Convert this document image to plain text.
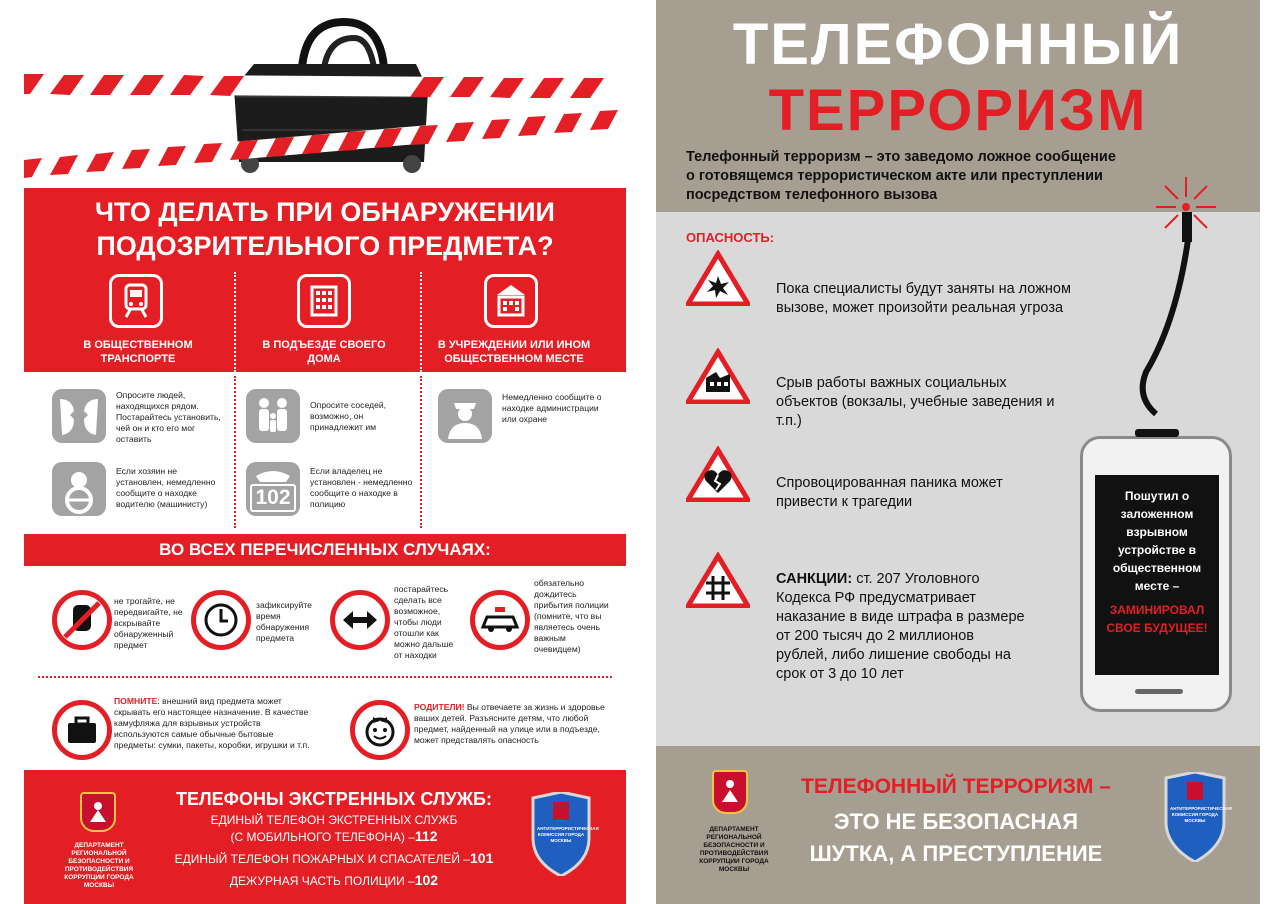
ЧТО ДЕЛАТЬ ПРИ ОБНАРУЖЕНИИ
ПОДОЗРИТЕЛЬНОГО ПРЕДМЕТА?
В ОБЩЕСТВЕННОМ ТРАНСПОРТЕ
В ПОДЪЕЗДЕ СВОЕГО ДОМА
В УЧРЕЖДЕНИИ ИЛИ ИНОМ ОБЩЕСТВЕННОМ МЕСТЕ
Опросите людей, находящихся рядом. Постарайтесь установить, чей он и кто его мог оставить
Если хозяин не установлен, немедленно сообщите о находке водителю (машинисту)
Опросите соседей, возможно, он принадлежит им
102
Если владелец не установлен - немедленно сообщите о находке в полицию
Немедленно сообщите о находке администрации или охране
ВО ВСЕХ ПЕРЕЧИСЛЕННЫХ СЛУЧАЯХ:
не трогайте, не передвигайте, не вскрывайте обнаруженный предмет
зафиксируйте время обнаружения предмета
постарайтесь сделать все возможное, чтобы люди отошли как можно дальше от находки
обязательно дождитесь прибытия полиции (помните, что вы являетесь очень важным очевидцем)
ПОМНИТЕ: внешний вид предмета может скрывать его настоящее назначение. В качестве камуфляжа для взрывных устройств используются самые обычные бытовые предметы: сумки, пакеты, коробки, игрушки и т.п.
РОДИТЕЛИ! Вы отвечаете за жизнь и здоровье ваших детей. Разъясните детям, что любой предмет, найденный на улице или в подъезде, может представлять опасность
ДЕПАРТАМЕНТ РЕГИОНАЛЬНОЙ БЕЗОПАСНОСТИ И ПРОТИВОДЕЙСТВИЯ КОРРУПЦИИ ГОРОДА МОСКВЫ
ТЕЛЕФОНЫ ЭКСТРЕННЫХ СЛУЖБ:
ЕДИНЫЙ ТЕЛЕФОН ЭКСТРЕННЫХ СЛУЖБ
(С МОБИЛЬНОГО ТЕЛЕФОНА) –112
ЕДИНЫЙ ТЕЛЕФОН ПОЖАРНЫХ И СПАСАТЕЛЕЙ –101
ДЕЖУРНАЯ ЧАСТЬ ПОЛИЦИИ –102
АНТИТЕРРОРИСТИЧЕСКАЯ КОМИССИЯ ГОРОДА МОСКВЫ
ТЕЛЕФОННЫЙ
ТЕРРОРИЗМ
Телефонный терроризм – это заведомо ложное сообщение о готовящемся террористическом акте или преступлении посредством телефонного вызова
ОПАСНОСТЬ:
Пока специалисты будут заняты на ложном вызове, может произойти реальная угроза
Срыв работы важных социальных объектов (вокзалы, учебные заведения и т.п.)
Спровоцированная паника может привести к трагедии
САНКЦИИ: ст. 207 Уголовного Кодекса РФ предусматривает наказание в виде штрафа в размере от 200 тысяч до 2 миллионов рублей, либо лишение свободы на срок от 3 до 10 лет
Пошутил о заложенном взрывном устройстве в общественном месте –
ЗАМИНИРОВАЛ СВОЕ БУДУЩЕЕ!
ДЕПАРТАМЕНТ РЕГИОНАЛЬНОЙ БЕЗОПАСНОСТИ И ПРОТИВОДЕЙСТВИЯ КОРРУПЦИИ ГОРОДА МОСКВЫ
ТЕЛЕФОННЫЙ ТЕРРОРИЗМ –
ЭТО НЕ БЕЗОПАСНАЯ
ШУТКА, А ПРЕСТУПЛЕНИЕ
АНТИТЕРРОРИСТИЧЕСКАЯ КОМИССИЯ ГОРОДА МОСКВЫ
